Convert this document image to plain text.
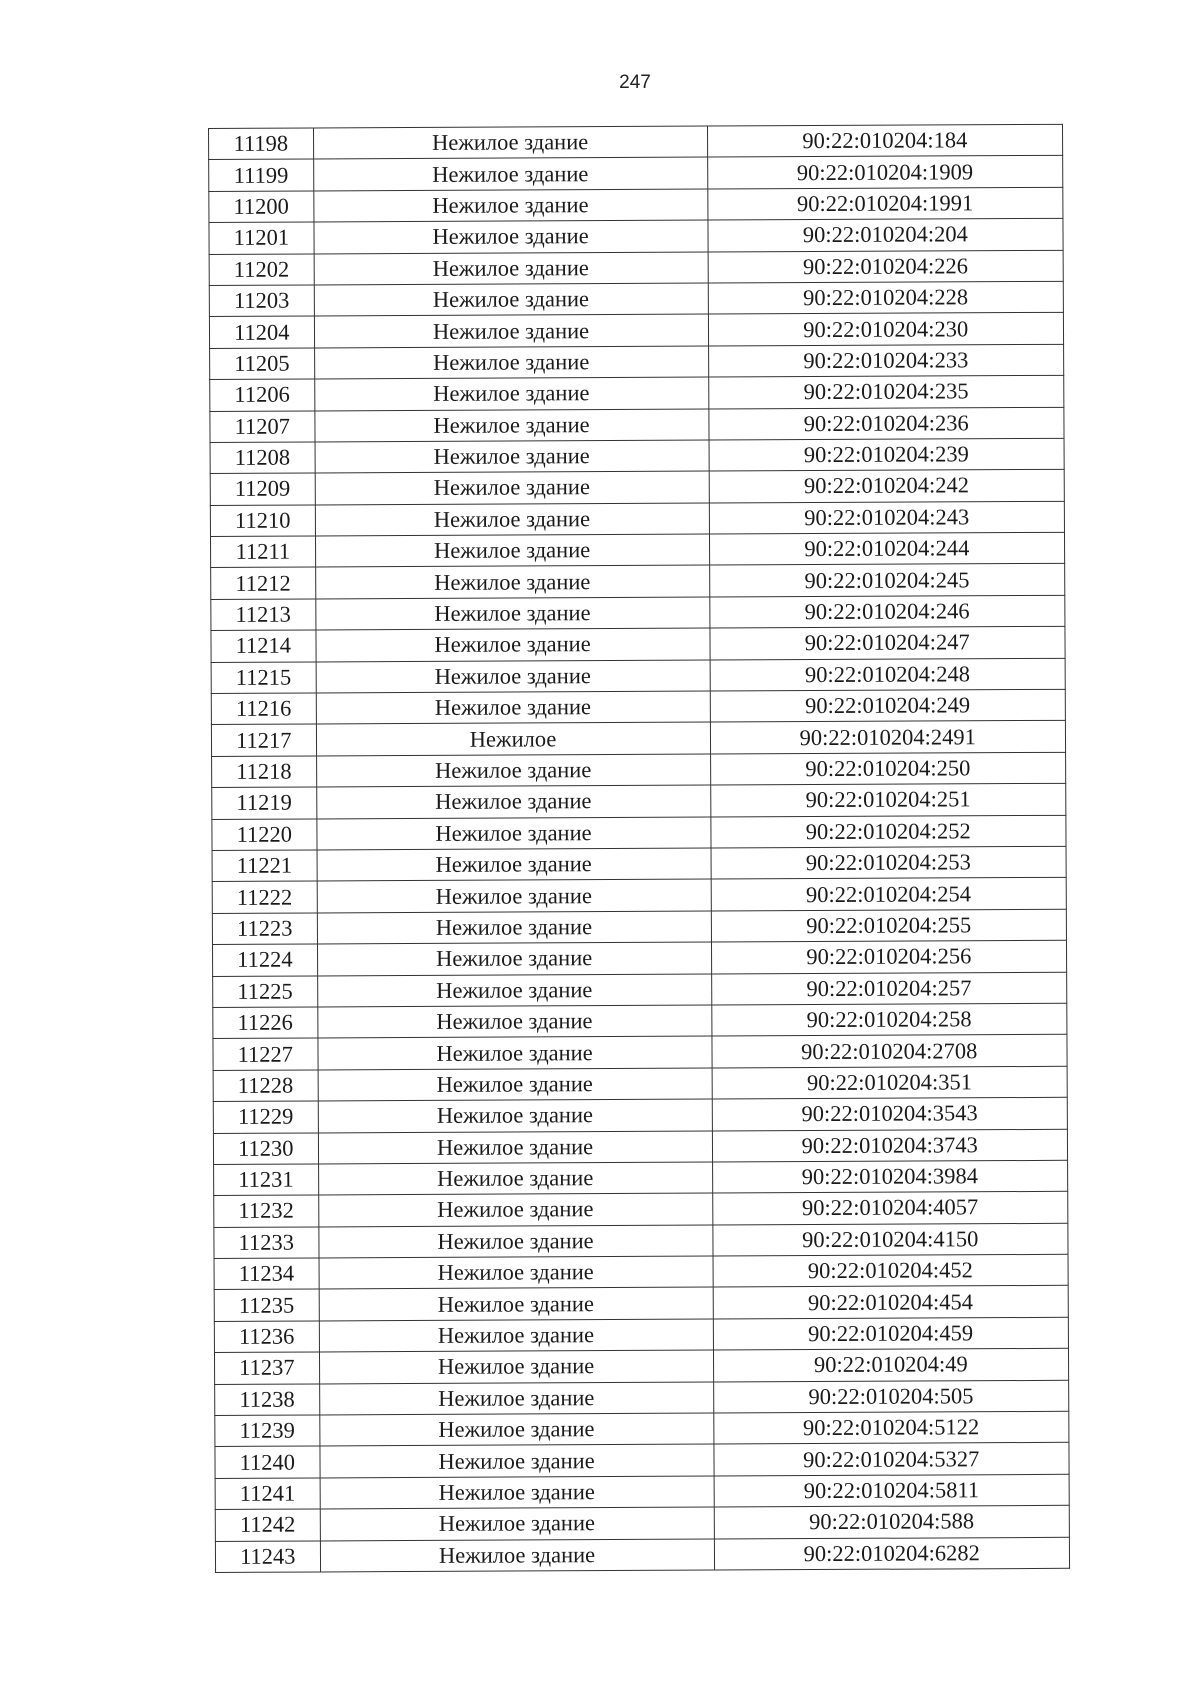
247
11198	Нежилое здание	90:22:010204:184
11199	Нежилое здание	90:22:010204:1909
11200	Нежилое здание	90:22:010204:1991
11201	Нежилое здание	90:22:010204:204
11202	Нежилое здание	90:22:010204:226
11203	Нежилое здание	90:22:010204:228
11204	Нежилое здание	90:22:010204:230
11205	Нежилое здание	90:22:010204:233
11206	Нежилое здание	90:22:010204:235
11207	Нежилое здание	90:22:010204:236
11208	Нежилое здание	90:22:010204:239
11209	Нежилое здание	90:22:010204:242
11210	Нежилое здание	90:22:010204:243
11211	Нежилое здание	90:22:010204:244
11212	Нежилое здание	90:22:010204:245
11213	Нежилое здание	90:22:010204:246
11214	Нежилое здание	90:22:010204:247
11215	Нежилое здание	90:22:010204:248
11216	Нежилое здание	90:22:010204:249
11217	Нежилое	90:22:010204:2491
11218	Нежилое здание	90:22:010204:250
11219	Нежилое здание	90:22:010204:251
11220	Нежилое здание	90:22:010204:252
11221	Нежилое здание	90:22:010204:253
11222	Нежилое здание	90:22:010204:254
11223	Нежилое здание	90:22:010204:255
11224	Нежилое здание	90:22:010204:256
11225	Нежилое здание	90:22:010204:257
11226	Нежилое здание	90:22:010204:258
11227	Нежилое здание	90:22:010204:2708
11228	Нежилое здание	90:22:010204:351
11229	Нежилое здание	90:22:010204:3543
11230	Нежилое здание	90:22:010204:3743
11231	Нежилое здание	90:22:010204:3984
11232	Нежилое здание	90:22:010204:4057
11233	Нежилое здание	90:22:010204:4150
11234	Нежилое здание	90:22:010204:452
11235	Нежилое здание	90:22:010204:454
11236	Нежилое здание	90:22:010204:459
11237	Нежилое здание	90:22:010204:49
11238	Нежилое здание	90:22:010204:505
11239	Нежилое здание	90:22:010204:5122
11240	Нежилое здание	90:22:010204:5327
11241	Нежилое здание	90:22:010204:5811
11242	Нежилое здание	90:22:010204:588
11243	Нежилое здание	90:22:010204:6282
